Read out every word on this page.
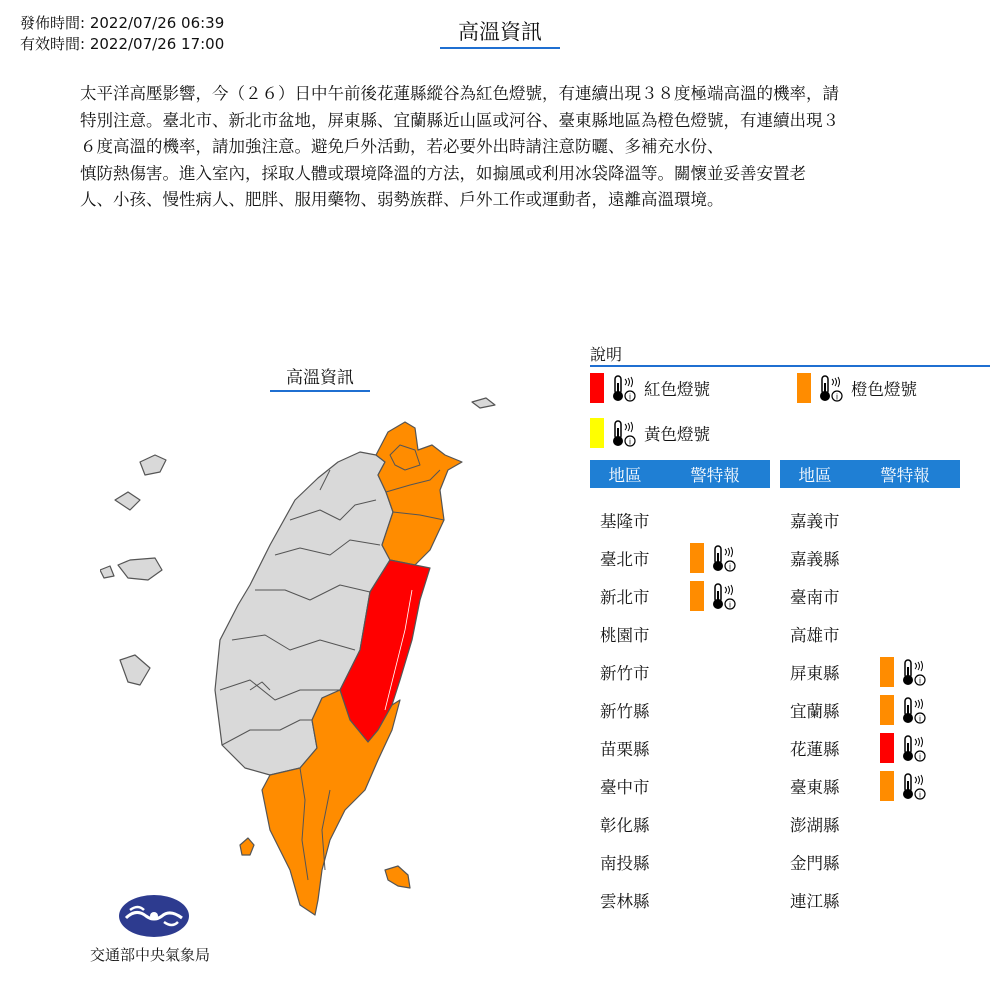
發佈時間: 2022/07/26 06:39
有效時間: 2022/07/26 17:00	高溫資訊
太平洋高壓影響，今（２６）日中午前後花蓮縣縱谷為紅色燈號，有連續出現３８度極端高溫的機率，請
特別注意。臺北市、新北市盆地，屏東縣、宜蘭縣近山區或河谷、臺東縣地區為橙色燈號，有連續出現３
６度高溫的機率，請加強注意。避免戶外活動，若必要外出時請注意防曬、多補充水份、
慎防熱傷害。進入室內，採取人體或環境降溫的方法，如搧風或利用冰袋降溫等。關懷並妥善安置老
人、小孩、慢性病人、肥胖、服用藥物、弱勢族群、戶外工作或運動者，遠離高溫環境。
高溫資訊
說明
i 紅色燈號	i 橙色燈號
i 黃色燈號
地區	警特報	地區	警特報
基隆市
臺北市	i
新北市	i
桃園市
新竹市
新竹縣
苗栗縣
臺中市
彰化縣
南投縣
雲林縣
嘉義市
嘉義縣
臺南市
高雄市
屏東縣	i
宜蘭縣	i
花蓮縣	i
臺東縣	i
澎湖縣
金門縣
連江縣
交通部中央氣象局
